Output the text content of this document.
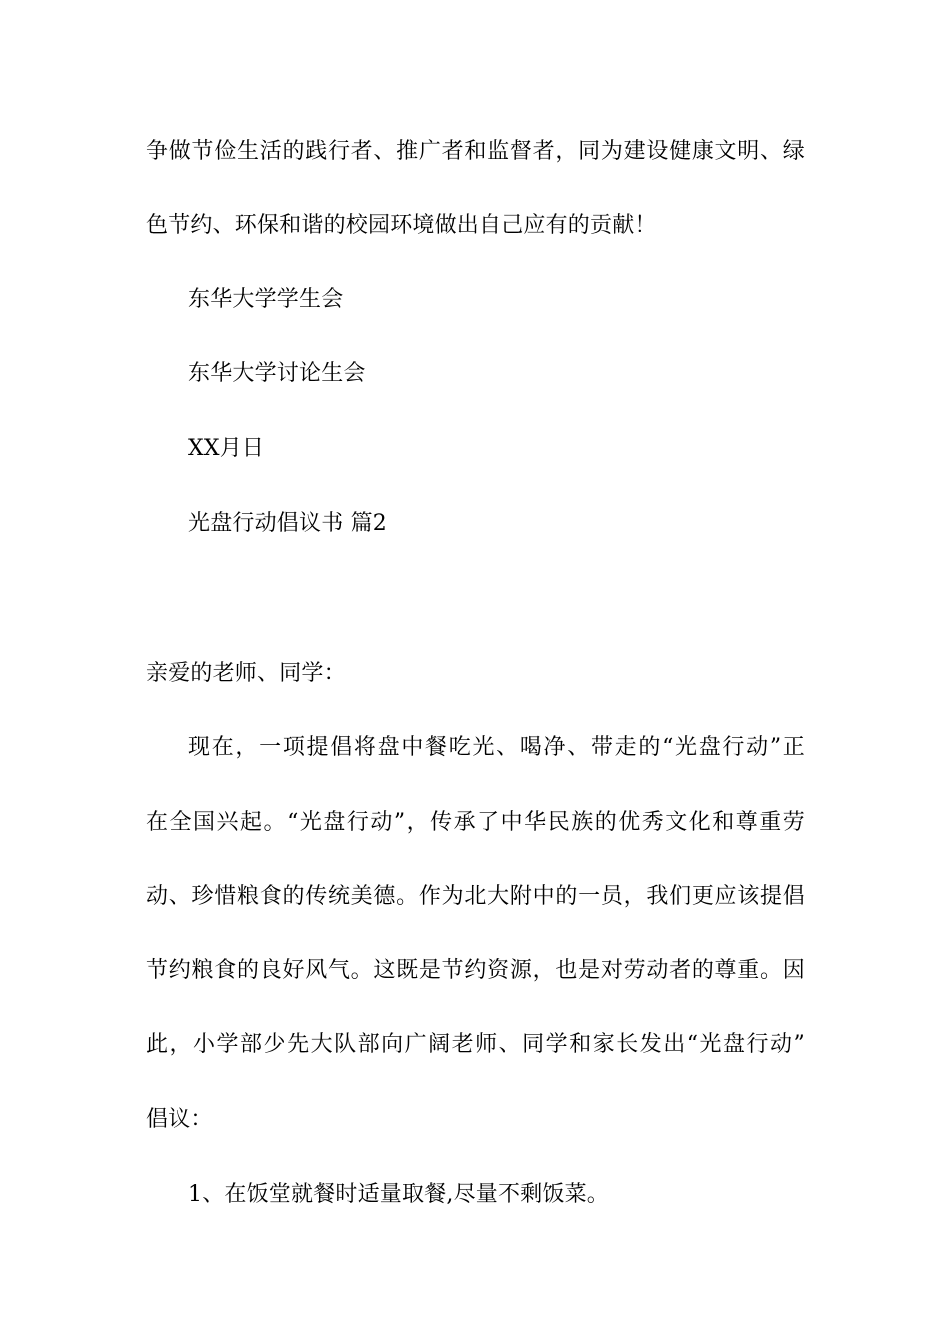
争做节俭生活的践行者、推广者和监督者，同为建设健康文明、绿
色节约、环保和谐的校园环境做出自己应有的贡献！
东华大学学生会
东华大学讨论生会
XX月日
光盘行动倡议书 篇2
亲爱的老师、同学：
现在，一项提倡将盘中餐吃光、喝净、带走的“光盘行动”正
在全国兴起。“光盘行动”，传承了中华民族的优秀文化和尊重劳
动、珍惜粮食的传统美德。作为北大附中的一员，我们更应该提倡
节约粮食的良好风气。这既是节约资源，也是对劳动者的尊重。因
此，小学部少先大队部向广阔老师、同学和家长发出“光盘行动”
倡议：
1、在饭堂就餐时适量取餐,尽量不剩饭菜。
